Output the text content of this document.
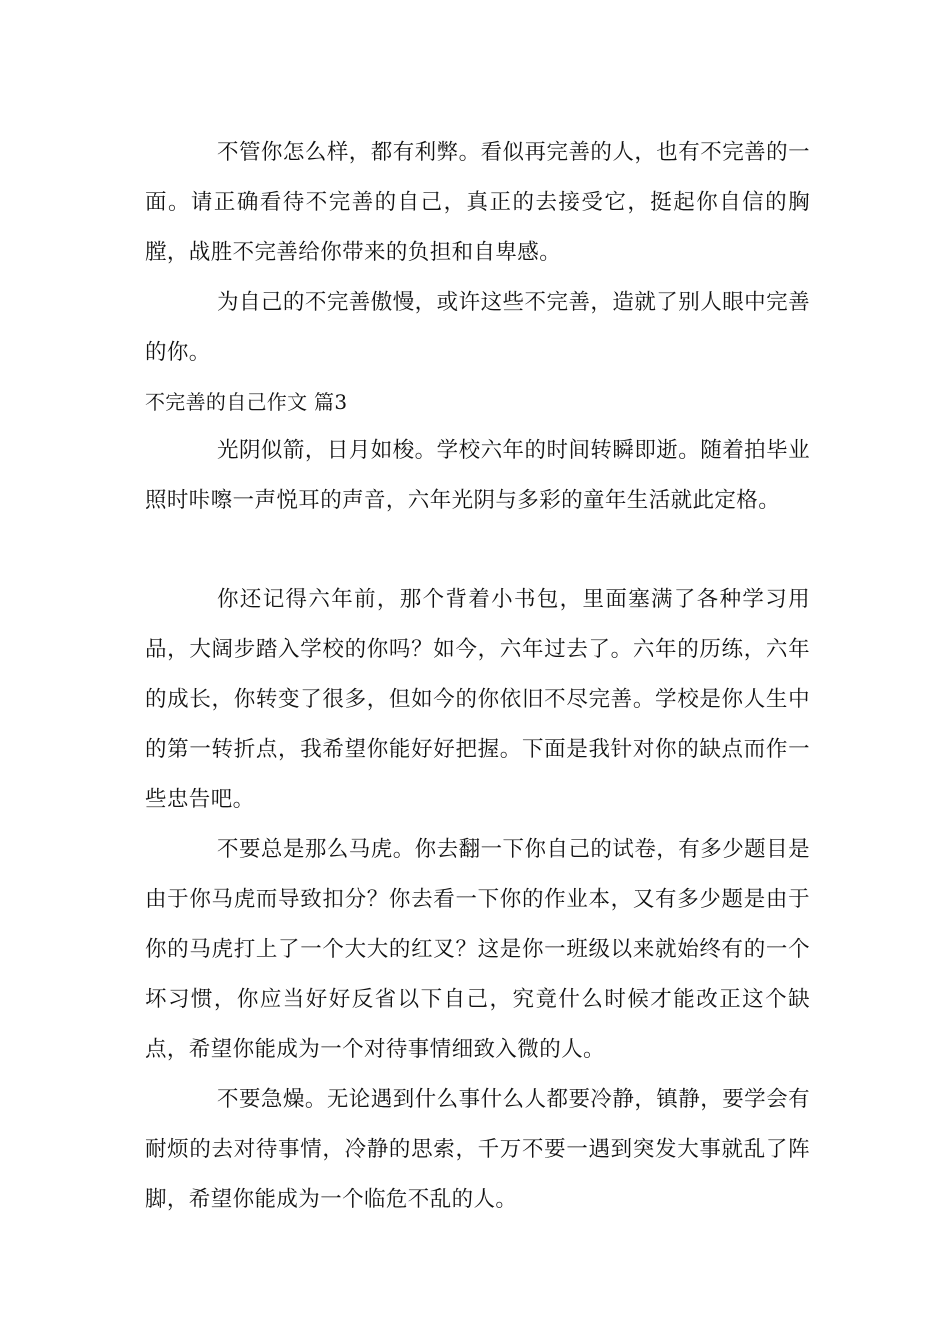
不管你怎么样，都有利弊。看似再完善的人，也有不完善的一面。请正确看待不完善的自己，真正的去接受它，挺起你自信的胸膛，战胜不完善给你带来的负担和自卑感。

为自己的不完善傲慢，或许这些不完善，造就了别人眼中完善的你。

不完善的自己作文 篇3

光阴似箭，日月如梭。学校六年的时间转瞬即逝。随着拍毕业照时咔嚓一声悦耳的声音，六年光阴与多彩的童年生活就此定格。

你还记得六年前，那个背着小书包，里面塞满了各种学习用品，大阔步踏入学校的你吗？如今，六年过去了。六年的历练，六年的成长，你转变了很多，但如今的你依旧不尽完善。学校是你人生中的第一转折点，我希望你能好好把握。下面是我针对你的缺点而作一些忠告吧。

不要总是那么马虎。你去翻一下你自己的试卷，有多少题目是由于你马虎而导致扣分？你去看一下你的作业本，又有多少题是由于你的马虎打上了一个大大的红叉？这是你一班级以来就始终有的一个坏习惯，你应当好好反省以下自己，究竟什么时候才能改正这个缺点，希望你能成为一个对待事情细致入微的人。

不要急燥。无论遇到什么事什么人都要冷静，镇静，要学会有耐烦的去对待事情，冷静的思索，千万不要一遇到突发大事就乱了阵脚，希望你能成为一个临危不乱的人。
